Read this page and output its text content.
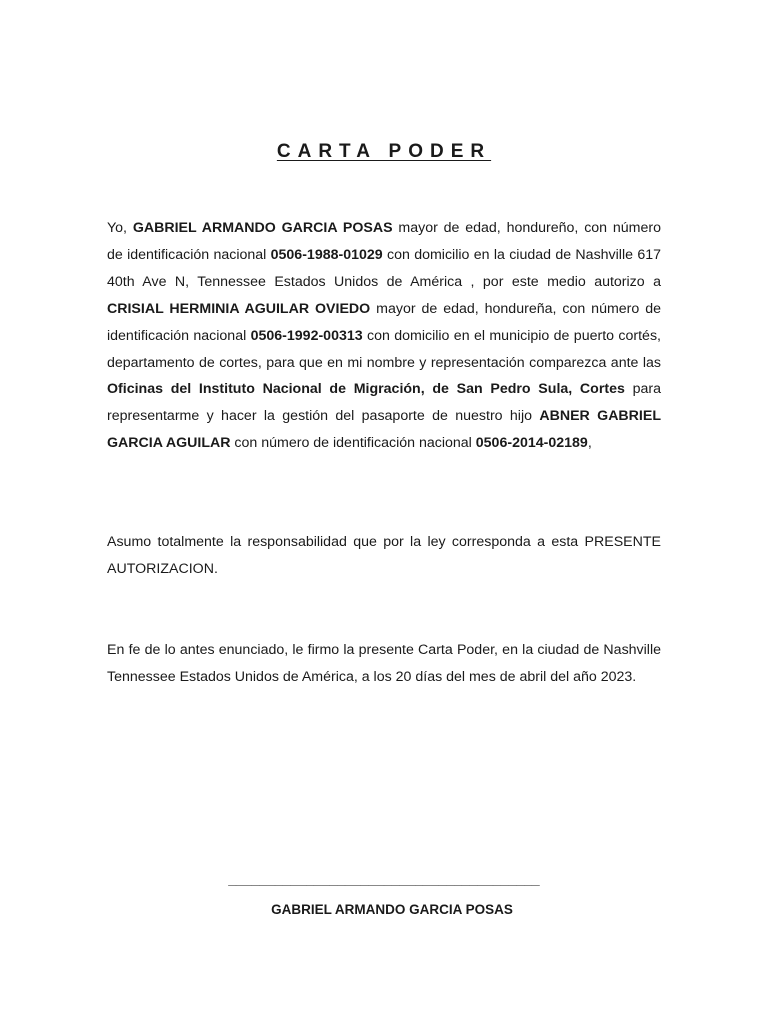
CARTA PODER

Yo, GABRIEL ARMANDO GARCIA POSAS mayor de edad, hondureño, con número de identificación nacional 0506-1988-01029 con domicilio en la ciudad de Nashville 617 40th Ave N, Tennessee Estados Unidos de América , por este medio autorizo a CRISIAL HERMINIA AGUILAR OVIEDO mayor de edad, hondureña, con número de identificación nacional 0506-1992-00313 con domicilio en el municipio de puerto cortés, departamento de cortes, para que en mi nombre y representación comparezca ante las Oficinas del Instituto Nacional de Migración, de San Pedro Sula, Cortes para representarme y hacer la gestión del pasaporte de nuestro hijo ABNER GABRIEL GARCIA AGUILAR con número de identificación nacional 0506-2014-02189,

Asumo totalmente la responsabilidad que por la ley corresponda a esta PRESENTE AUTORIZACION.

En fe de lo antes enunciado, le firmo la presente Carta Poder, en la ciudad de Nashville Tennessee Estados Unidos de América, a los 20 días del mes de abril del año 2023.

________________________________________
GABRIEL ARMANDO GARCIA POSAS
